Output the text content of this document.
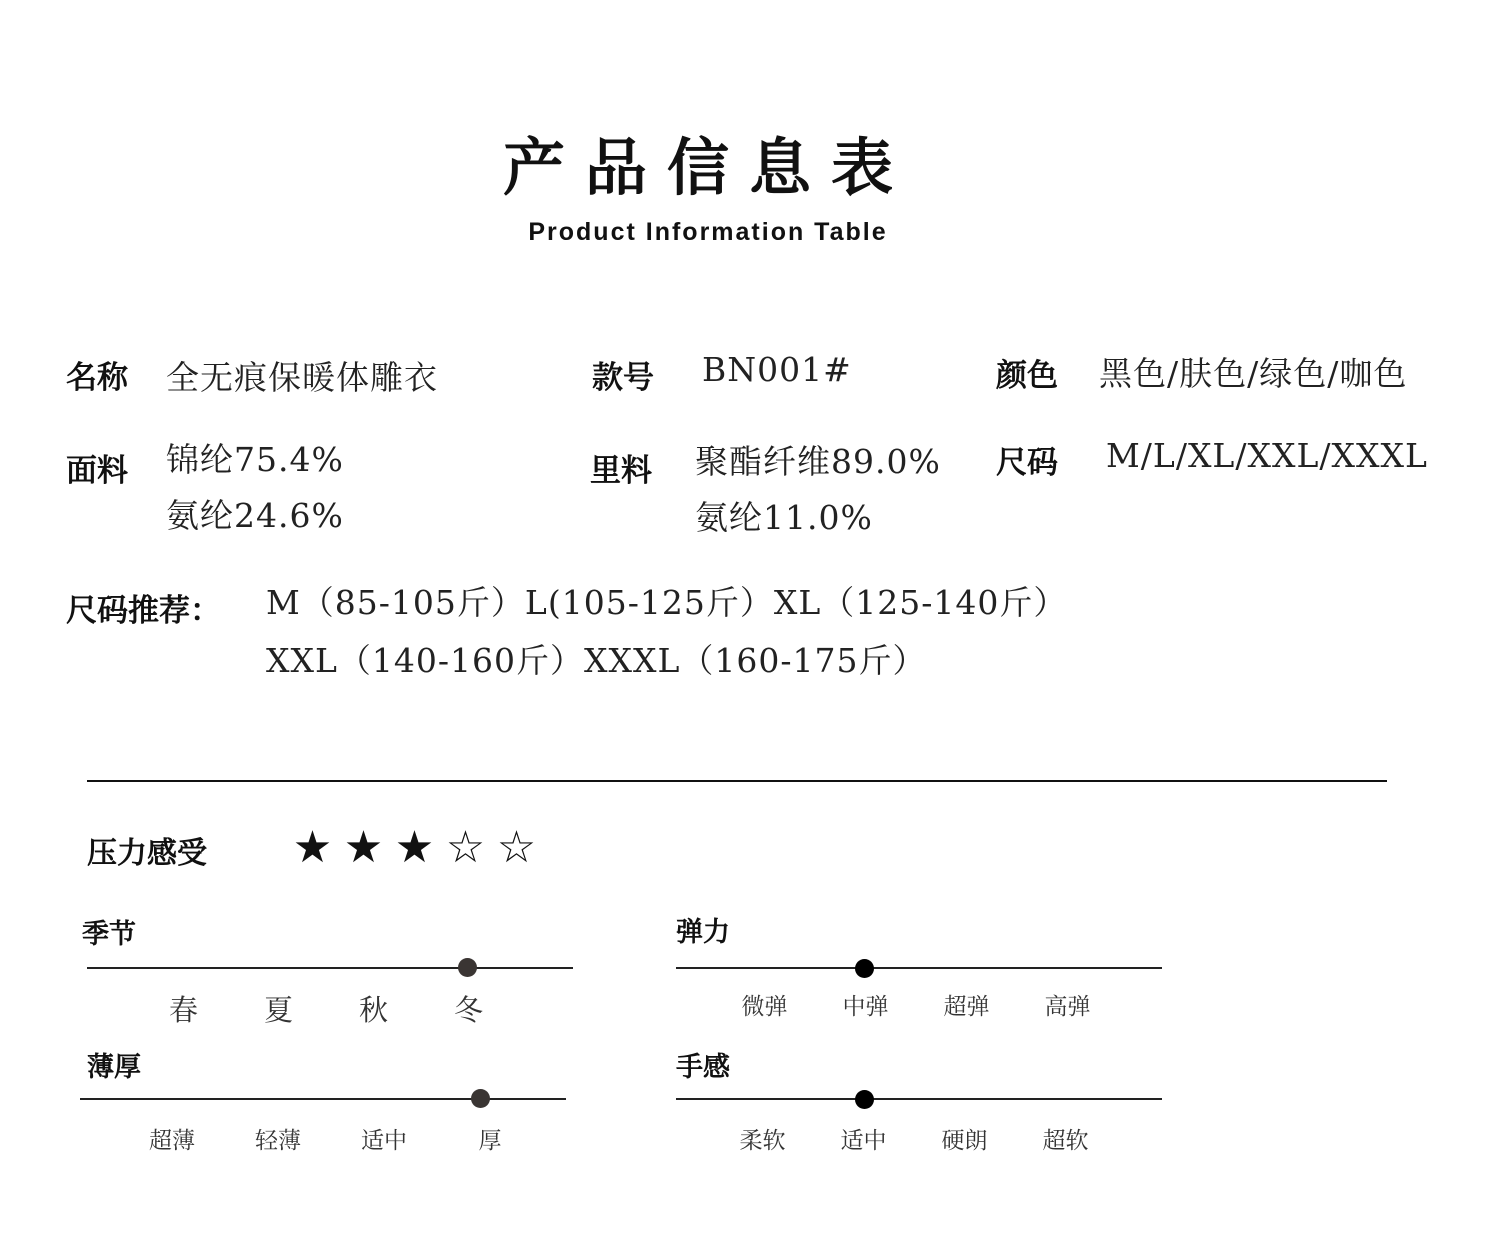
产品信息表
Product Information Table
名称 全无痕保暖体雕衣	款号 BN001#	颜色 黑色/肤色/绿色/咖色
面料 锦纶75.4%
氨纶24.6%
里料 聚酯纤维89.0%
氨纶11.0%
尺码 M/L/XL/XXL/XXXL
尺码推荐： M（85-105斤）L(105-125斤）XL（125-140斤）
XXL（140-160斤）XXXL（160-175斤）
压力感受 ★ ★ ★ ☆ ☆
季节
春	夏	秋	冬
弹力
微弹	中弹	超弹	高弹
薄厚
超薄	轻薄	适中	厚
手感
柔软	适中	硬朗	超软
